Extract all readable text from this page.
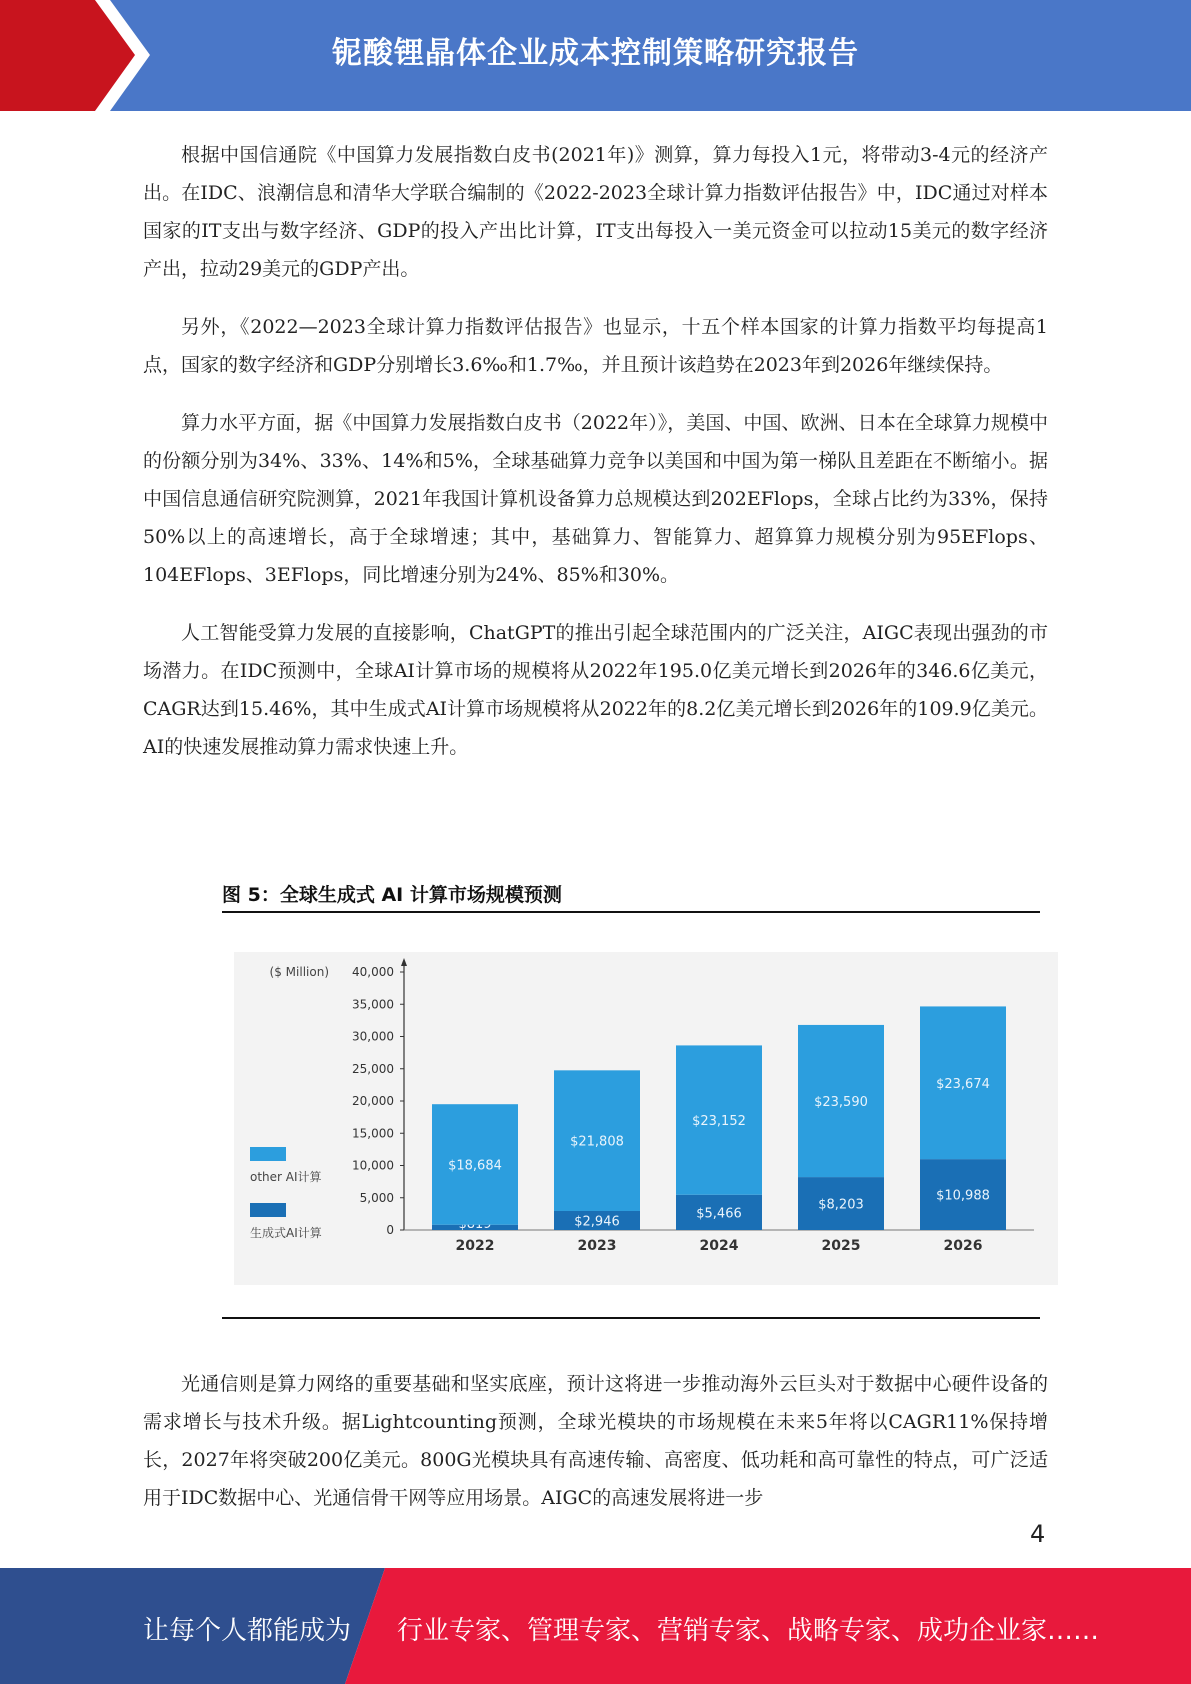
铌酸锂晶体企业成本控制策略研究报告

根据中国信通院《中国算力发展指数白皮书(2021年)》测算，算力每投入1元，将带动3-4元的经济产出。在IDC、浪潮信息和清华大学联合编制的《2022-2023全球计算力指数评估报告》中，IDC通过对样本国家的IT支出与数字经济、GDP的投入产出比计算，IT支出每投入一美元资金可以拉动15美元的数字经济产出，拉动29美元的GDP产出。

另外，《2022—2023全球计算力指数评估报告》也显示，十五个样本国家的计算力指数平均每提高1点，国家的数字经济和GDP分别增长3.6‰和1.7‰，并且预计该趋势在2023年到2026年继续保持。

算力水平方面，据《中国算力发展指数白皮书（2022年）》，美国、中国、欧洲、日本在全球算力规模中的份额分别为34%、33%、14%和5%，全球基础算力竞争以美国和中国为第一梯队且差距在不断缩小。据中国信息通信研究院测算，2021年我国计算机设备算力总规模达到202EFlops，全球占比约为33%，保持50%以上的高速增长，高于全球增速；其中，基础算力、智能算力、超算算力规模分别为95EFlops、104EFlops、3EFlops，同比增速分别为24%、85%和30%。

人工智能受算力发展的直接影响，ChatGPT的推出引起全球范围内的广泛关注，AIGC表现出强劲的市场潜力。在IDC预测中，全球AI计算市场的规模将从2022年195.0亿美元增长到2026年的346.6亿美元，CAGR达到15.46%，其中生成式AI计算市场规模将从2022年的8.2亿美元增长到2026年的109.9亿美元。AI的快速发展推动算力需求快速上升。

图 5：全球生成式 AI 计算市场规模预测
0
5,000
10,000
15,000
20,000
25,000
30,000
35,000
40,000
($ Million)
$18,684
2022
$2,946
$21,808
2023
$5,466
$23,152
2024
$8,203
$23,590
2025
$10,988
$23,674
2026
other AI计算
生成式AI计算

光通信则是算力网络的重要基础和坚实底座，预计这将进一步推动海外云巨头对于数据中心硬件设备的需求增长与技术升级。据Lightcounting预测，全球光模块的市场规模在未来5年将以CAGR11%保持增长，2027年将突破200亿美元。800G光模块具有高速传输、高密度、低功耗和高可靠性的特点，可广泛适用于IDC数据中心、光通信骨干网等应用场景。AIGC的高速发展将进一步

4
让每个人都能成为 行业专家、管理专家、营销专家、战略专家、成功企业家……
